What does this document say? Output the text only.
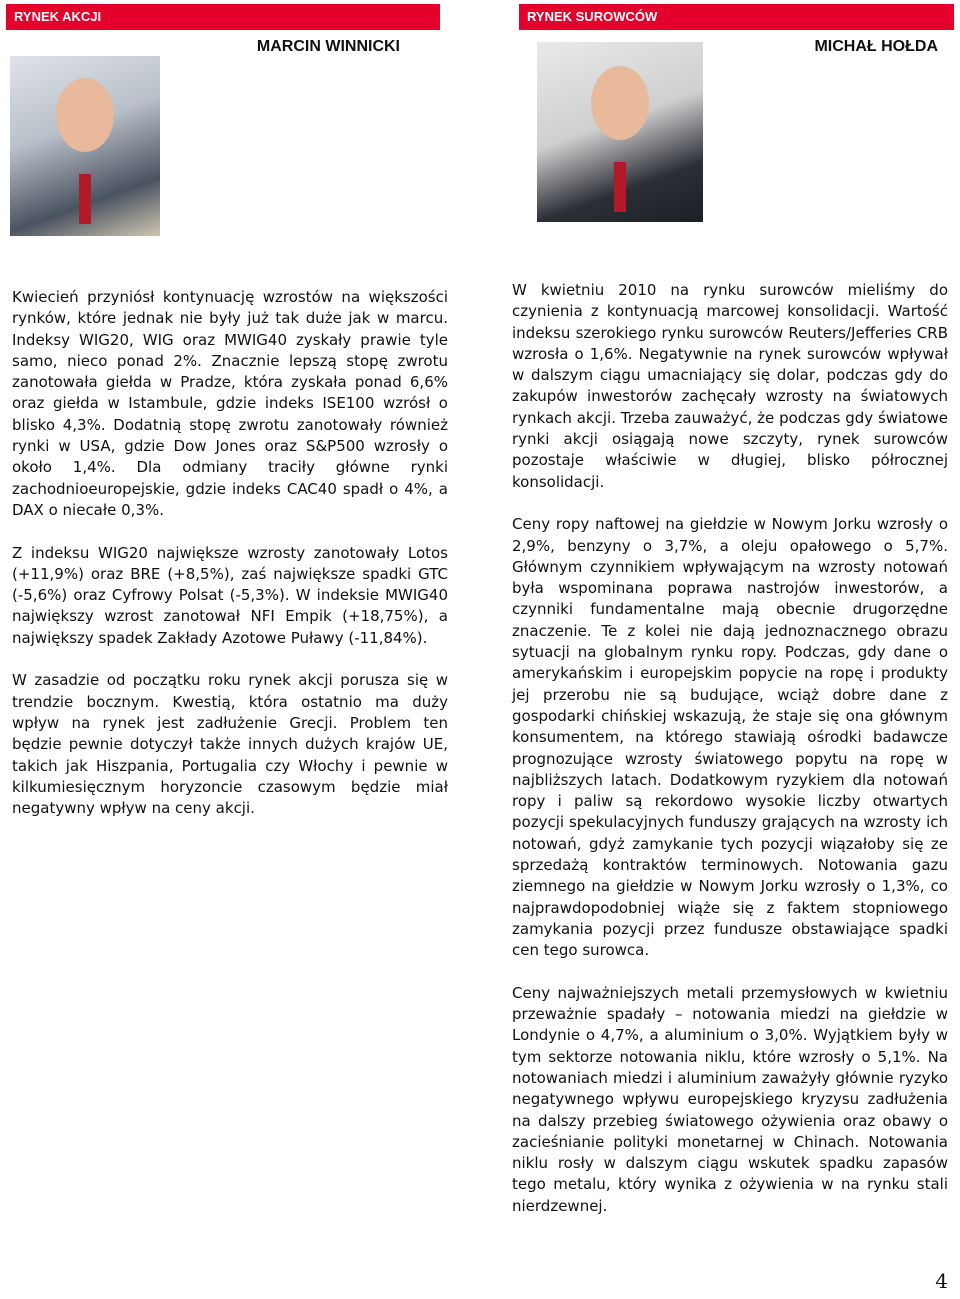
RYNEK AKCJI
MARCIN WINNICKI
RYNEK SUROWCÓW
MICHAŁ HOŁDA

Kwiecień przyniósł kontynuację wzrostów na większości rynków, które jednak nie były już tak duże jak w marcu. Indeksy WIG20, WIG oraz MWIG40 zyskały prawie tyle samo, nieco ponad 2%. Znacznie lepszą stopę zwrotu zanotowała giełda w Pradze, która zyskała ponad 6,6% oraz giełda w Istambule, gdzie indeks ISE100 wzrósł o blisko 4,3%. Dodatnią stopę zwrotu zanotowały również rynki w USA, gdzie Dow Jones oraz S&P500 wzrosły o około 1,4%. Dla odmiany traciły główne rynki zachodnioeuropejskie, gdzie indeks CAC40 spadł o 4%, a DAX o niecałe 0,3%.

Z indeksu WIG20 największe wzrosty zanotowały Lotos (+11,9%) oraz BRE (+8,5%), zaś największe spadki GTC (-5,6%) oraz Cyfrowy Polsat (-5,3%). W indeksie MWIG40 największy wzrost zanotował NFI Empik (+18,75%), a największy spadek Zakłady Azotowe Puławy (-11,84%).

W zasadzie od początku roku rynek akcji porusza się w trendzie bocznym. Kwestią, która ostatnio ma duży wpływ na rynek jest zadłużenie Grecji. Problem ten będzie pewnie dotyczył także innych dużych krajów UE, takich jak Hiszpania, Portugalia czy Włochy i pewnie w kilkumiesięcznym horyzoncie czasowym będzie miał negatywny wpływ na ceny akcji.

W kwietniu 2010 na rynku surowców mieliśmy do czynienia z kontynuacją marcowej konsolidacji. Wartość indeksu szerokiego rynku surowców Reuters/Jefferies CRB wzrosła o 1,6%. Negatywnie na rynek surowców wpływał w dalszym ciągu umacniający się dolar, podczas gdy do zakupów inwestorów zachęcały wzrosty na światowych rynkach akcji. Trzeba zauważyć, że podczas gdy światowe rynki akcji osiągają nowe szczyty, rynek surowców pozostaje właściwie w długiej, blisko półrocznej konsolidacji.

Ceny ropy naftowej na giełdzie w Nowym Jorku wzrosły o 2,9%, benzyny o 3,7%, a oleju opałowego o 5,7%. Głównym czynnikiem wpływającym na wzrosty notowań była wspominana poprawa nastrojów inwestorów, a czynniki fundamentalne mają obecnie drugorzędne znaczenie. Te z kolei nie dają jednoznacznego obrazu sytuacji na globalnym rynku ropy. Podczas, gdy dane o amerykańskim i europejskim popycie na ropę i produkty jej przerobu nie są budujące, wciąż dobre dane z gospodarki chińskiej wskazują, że staje się ona głównym konsumentem, na którego stawiają ośrodki badawcze prognozujące wzrosty światowego popytu na ropę w najbliższych latach. Dodatkowym ryzykiem dla notowań ropy i paliw są rekordowo wysokie liczby otwartych pozycji spekulacyjnych funduszy grających na wzrosty ich notowań, gdyż zamykanie tych pozycji wiązałoby się ze sprzedażą kontraktów terminowych. Notowania gazu ziemnego na giełdzie w Nowym Jorku wzrosły o 1,3%, co najprawdopodobniej wiąże się z faktem stopniowego zamykania pozycji przez fundusze obstawiające spadki cen tego surowca.

Ceny najważniejszych metali przemysłowych w kwietniu przeważnie spadały – notowania miedzi na giełdzie w Londynie o 4,7%, a aluminium o 3,0%. Wyjątkiem były w tym sektorze notowania niklu, które wzrosły o 5,1%. Na notowaniach miedzi i aluminium zaważyły głównie ryzyko negatywnego wpływu europejskiego kryzysu zadłużenia na dalszy przebieg światowego ożywienia oraz obawy o zacieśnianie polityki monetarnej w Chinach. Notowania niklu rosły w dalszym ciągu wskutek spadku zapasów tego metalu, który wynika z ożywienia w na rynku stali nierdzewnej.

4
